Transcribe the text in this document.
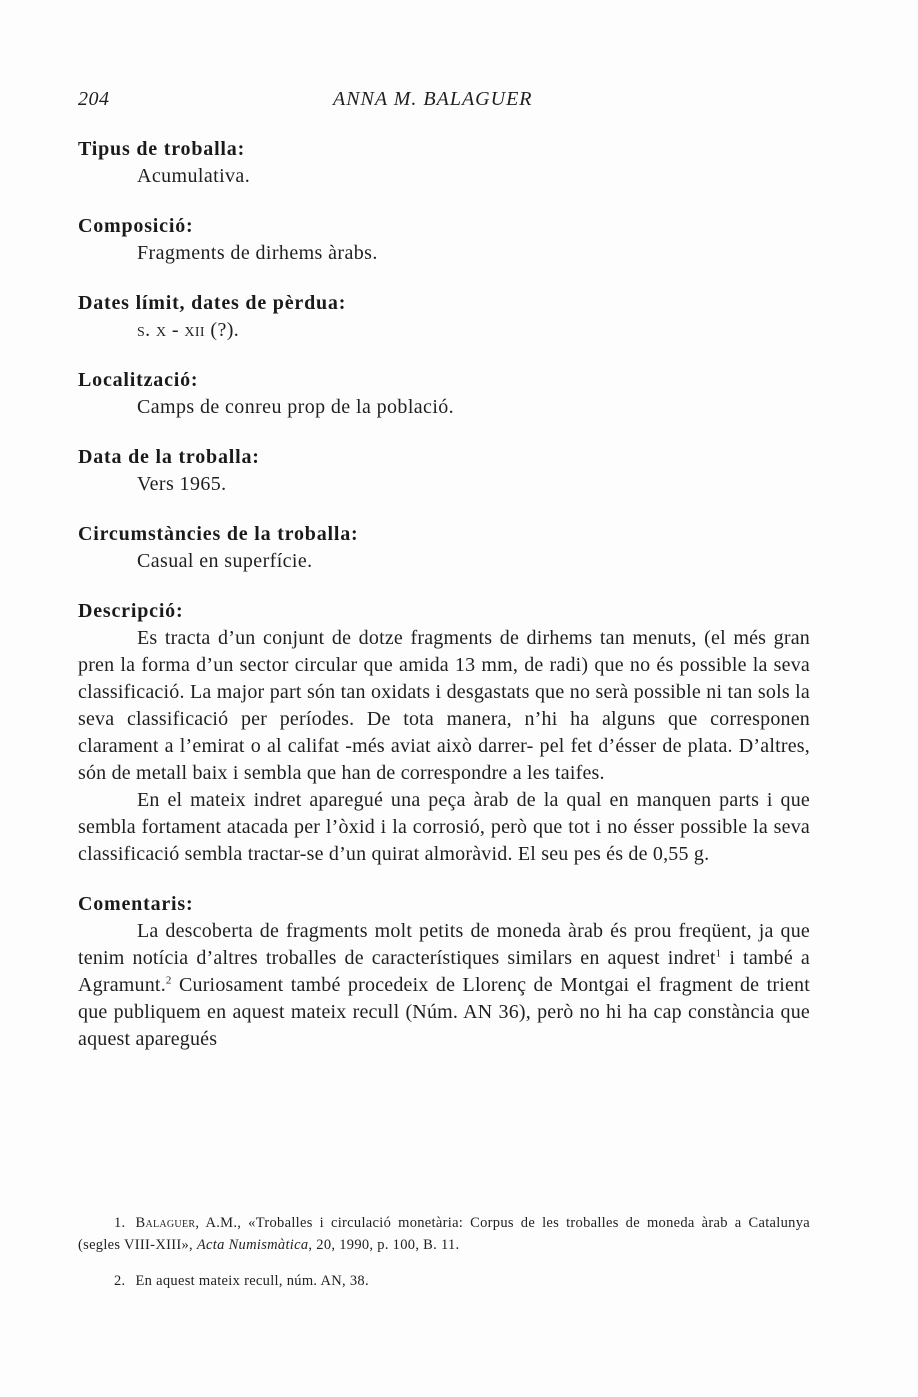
204	ANNA M. BALAGUER
Tipus de troballa:
Acumulativa.
Composició:
Fragments de dirhems àrabs.
Dates límit, dates de pèrdua:
s. x - xii (?).
Localització:
Camps de conreu prop de la població.
Data de la troballa:
Vers 1965.
Circumstàncies de la troballa:
Casual en superfície.
Descripció:

Es tracta d’un conjunt de dotze fragments de dirhems tan menuts, (el més gran pren la forma d’un sector circular que amida 13 mm, de radi) que no és possible la seva classificació. La major part són tan oxidats i desgastats que no serà possible ni tan sols la seva classificació per períodes. De tota manera, n’hi ha alguns que corresponen clarament a l’emirat o al califat -més aviat això darrer- pel fet d’ésser de plata. D’altres, són de metall baix i sembla que han de correspondre a les taifes.

En el mateix indret aparegué una peça àrab de la qual en manquen parts i que sembla fortament atacada per l’òxid i la corrosió, però que tot i no ésser possible la seva classificació sembla tractar-se d’un quirat almoràvid. El seu pes és de 0,55 g.

Comentaris:

La descoberta de fragments molt petits de moneda àrab és prou freqüent, ja que tenim notícia d’altres troballes de característiques similars en aquest indret$^1$ i també a Agramunt.$^2$ Curiosament també procedeix de Llorenç de Montgai el fragment de trient que publiquem en aquest mateix recull (Núm. AN 36), però no hi ha cap constància que aquest aparegués

1. Balaguer, A.M., «Troballes i circulació monetària: Corpus de les troballes de moneda àrab a Catalunya (segles VIII-XIII», Acta Numismàtica, 20, 1990, p. 100, B. 11.

2. En aquest mateix recull, núm. AN, 38.
